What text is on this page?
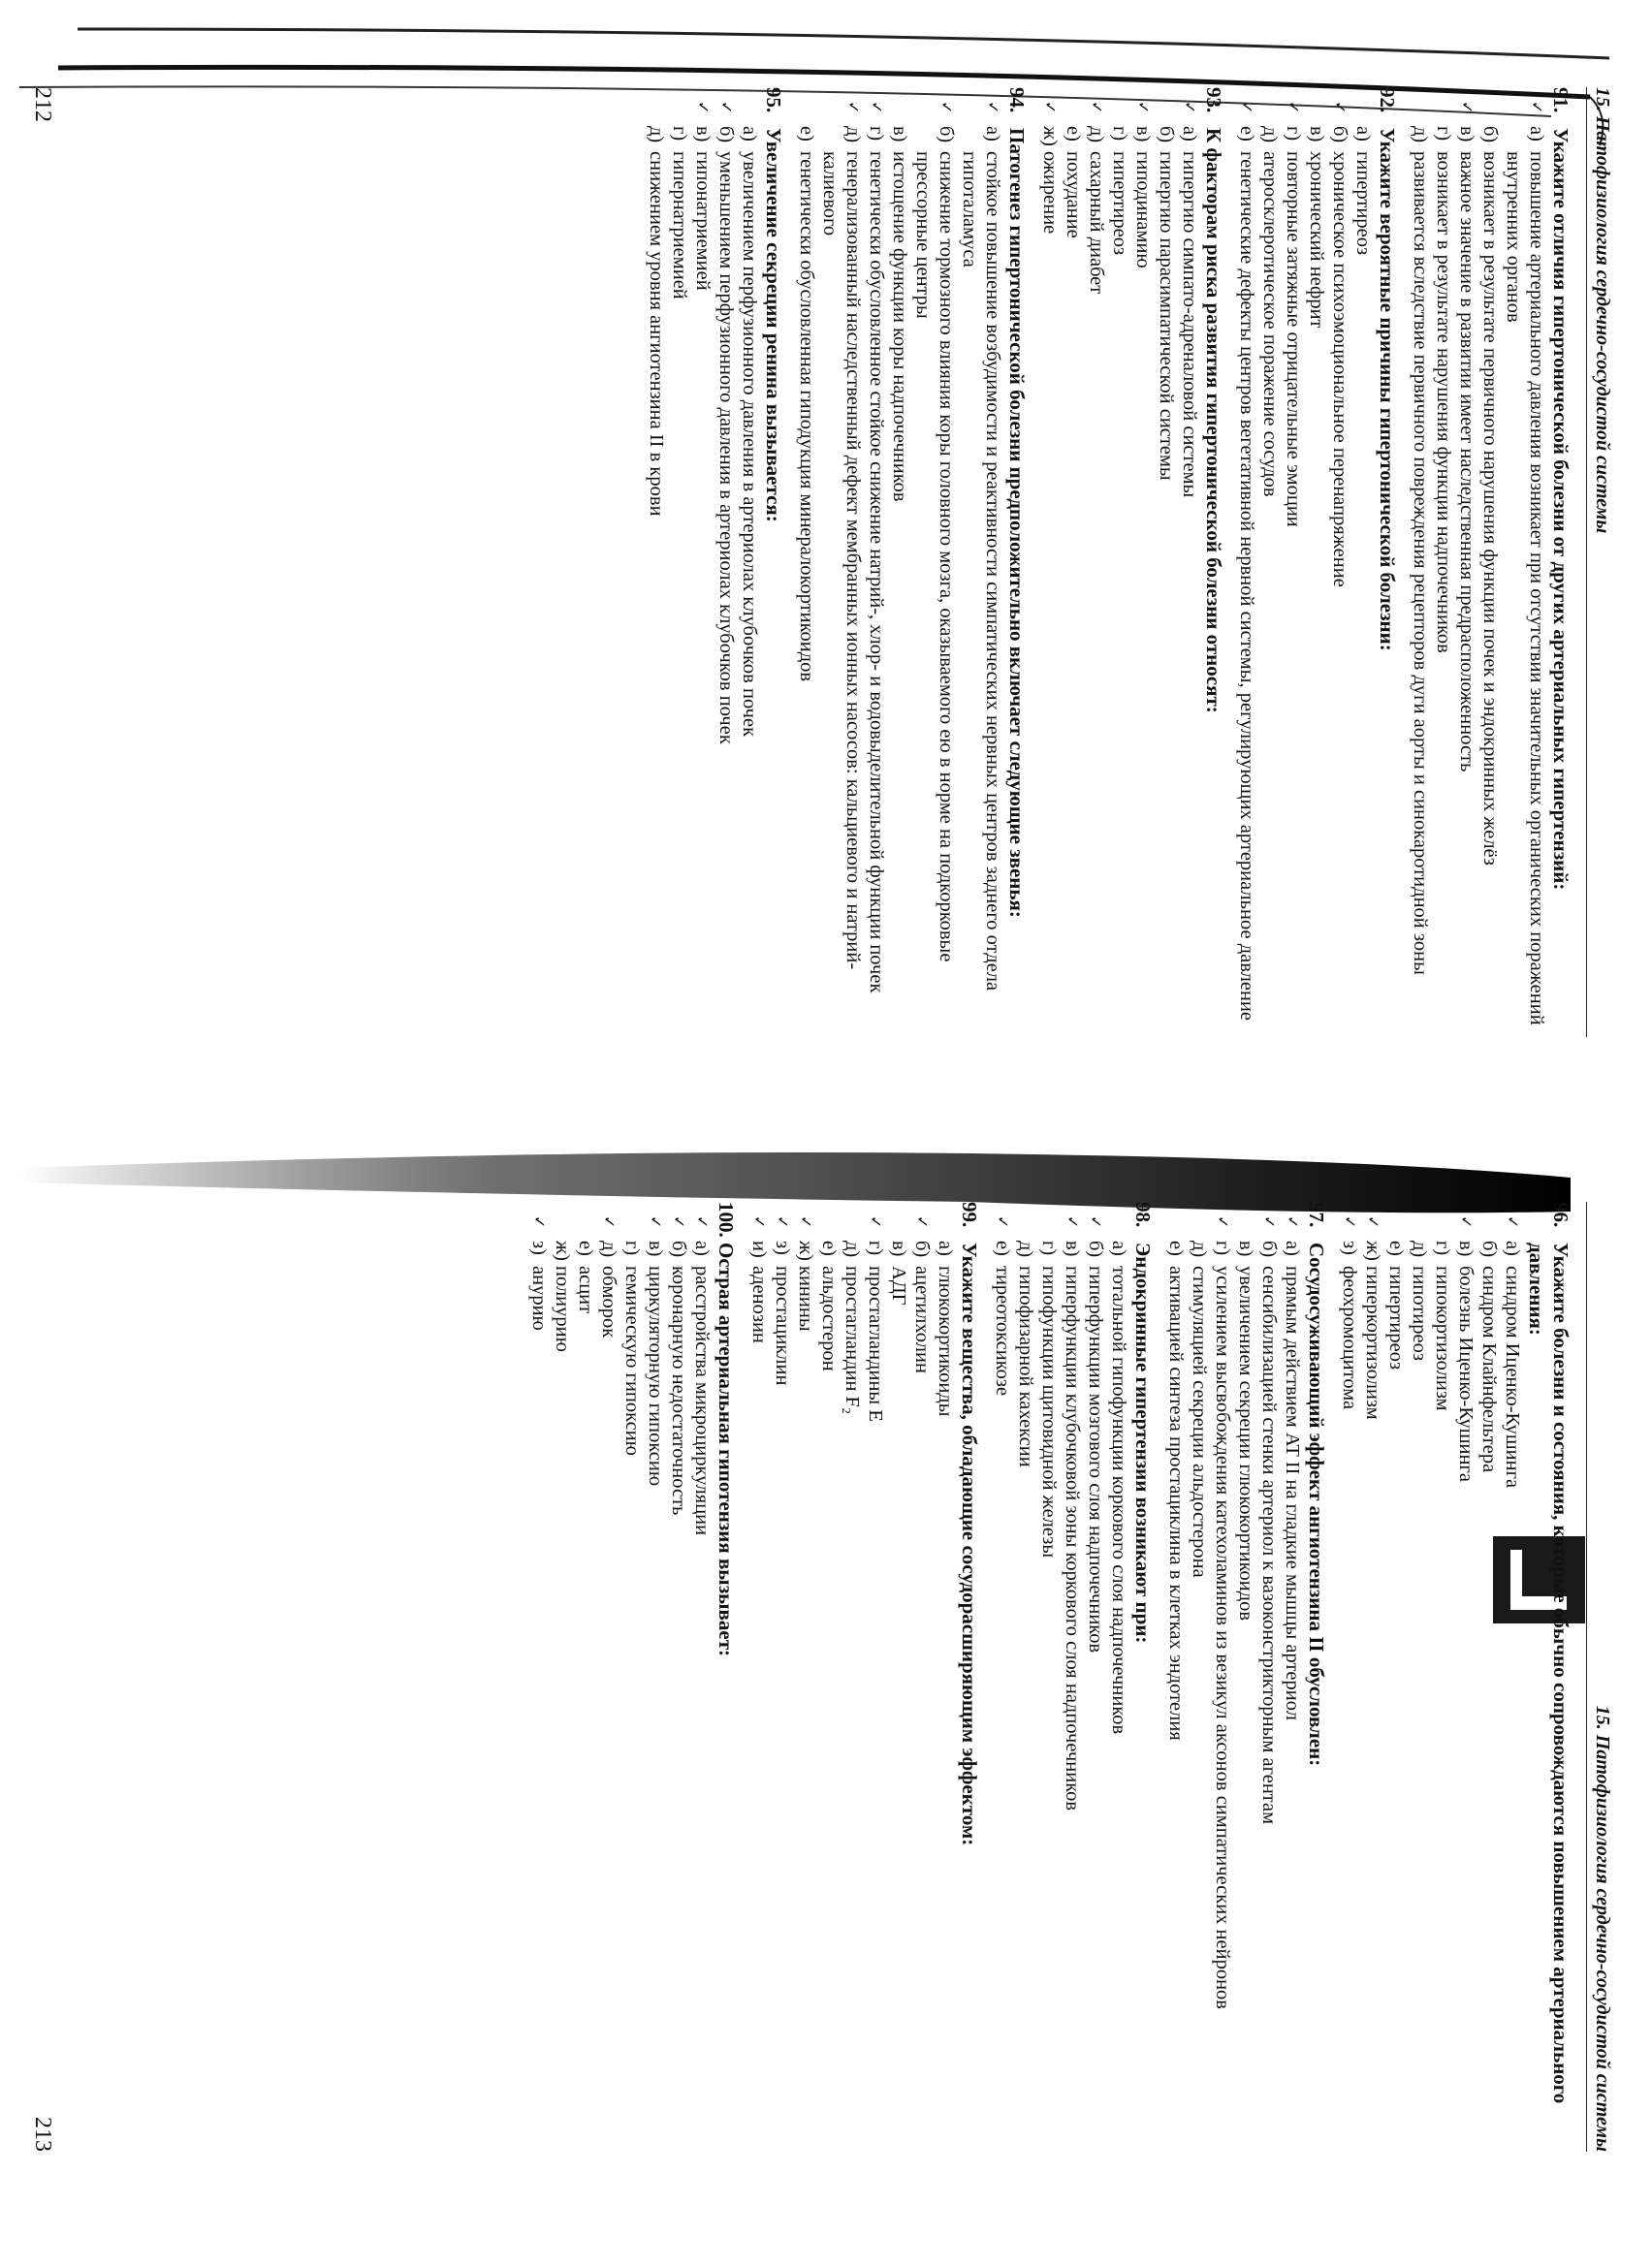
15. Патофизиология сердечно-сосудистой системы
91.
Укажите отличия гипертонической болезни от других артериальных гипертензий:
✓
а)
повышение артериального давления возникает при отсутствии значительных органических поражений внутренних органов
б)
возникает в результате первичного нарушения функции почек и эндокринных желёз
✓
в)
важное значение в развитии имеет наследственная предрасположенность
г)
возникает в результате нарушения функции надпочечников
д)
развивается вследствие первичного повреждения рецепторов дуги аорты и синокаротидной зоны
92.
Укажите вероятные причины гипертонической болезни:
а)
гипертиреоз
✓
б)
хроническое психоэмоциональное перенапряжение
в)
хронический нефрит
✓
г)
повторные затяжные отрицательные эмоции
д)
атеросклеротическое поражение сосудов
✓
е)
генетические дефекты центров вегетативной нервной системы, регулирующих артериальное давление
93.
К факторам риска развития гипертонической болезни относят:
✓
а)
гипергию симпато-адреналовой системы
б)
гипергию парасимпатической системы
✓
в)
гиподинамию
г)
гипертиреоз
✓
д)
сахарный диабет
е)
похудание
✓
ж)
ожирение
94.
Патогенез гипертонической болезни предположительно включает следующие звенья:
✓
а)
стойкое повышение возбудимости и реактивности симпатических нервных центров заднего отдела гипоталамуса
✓
б)
снижение тормозного влияния коры головного мозга, оказываемого ею в норме на подкорковые прессорные центры
в)
истощение функции коры надпочечников
✓
г)
генетически обусловленное стойкое снижение натрий-, хлор- и водовыделительной функции почек
✓
д)
генерализованный наследственный дефект мембранных ионных насосов: кальциевого и натрий-калиевого
е)
генетически обусловленная гиподукция минералокортикоидов
95.
Увеличение секреции ренина вызывается:
а)
увеличением перфузионного давления в артериолах клубочков почек
✓
б)
уменьшением перфузионного давления в артериолах клубочков почек
✓
в)
гипонатриемией
г)
гипернатриемией
д)
снижением уровня ангиотензина II в крови
212
15. Патофизиология сердечно-сосудистой системы
96.
Укажите болезни и состояния, которые обычно сопровождаются повышением артериального давления:
✓
а)
синдром Иценко-Кушинга
б)
синдром Клайнфельтера
✓
в)
болезнь Иценко-Кушинга
г)
гипокортизолизм
д)
гипотиреоз
е)
гипертиреоз
✓
ж)
гиперкортизолизм
✓
з)
феохромоцитома
97.
Сосудосуживающий эффект ангиотензина II обусловлен:
✓
а)
прямым действием AT II на гладкие мышцы артериол
✓
б)
сенсибилизацией стенки артериол к вазоконстрикторным агентам
в)
увеличением секреции глюкокортикоидов
✓
г)
усилением высвобождения катехоламинов из везикул аксонов симпатических нейронов
д)
стимуляцией секреции альдостерона
е)
активацией синтеза простациклина в клетках эндотелия
98.
Эндокринные гипертензии возникают при:
а)
тотальной гипофункции коркового слоя надпочечников
✓
б)
гиперфункции мозгового слоя надпочечников
✓
в)
гиперфункции клубочковой зоны коркового слоя надпочечников
г)
гипофункции щитовидной железы
д)
гипофизарной кахексии
✓
е)
тиреотоксикозе
99.
Укажите вещества, обладающие сосудорасширяющим эффектом:
а)
глюкокортикоиды
✓
б)
ацетилхолин
в)
АДГ
✓
г)
простагландины Е
д)
простагландин F₂
е)
альдостерон
✓
ж)
кинины
✓
з)
простациклин
✓
и)
аденозин
100.
Острая артериальная гипотензия вызывает:
✓
а)
расстройства микроциркуляции
✓
б)
коронарную недостаточность
✓
в)
циркуляторную гипоксию
г)
гемическую гипоксию
✓
д)
обморок
е)
асцит
ж)
полиурию
✓
з)
анурию
213
